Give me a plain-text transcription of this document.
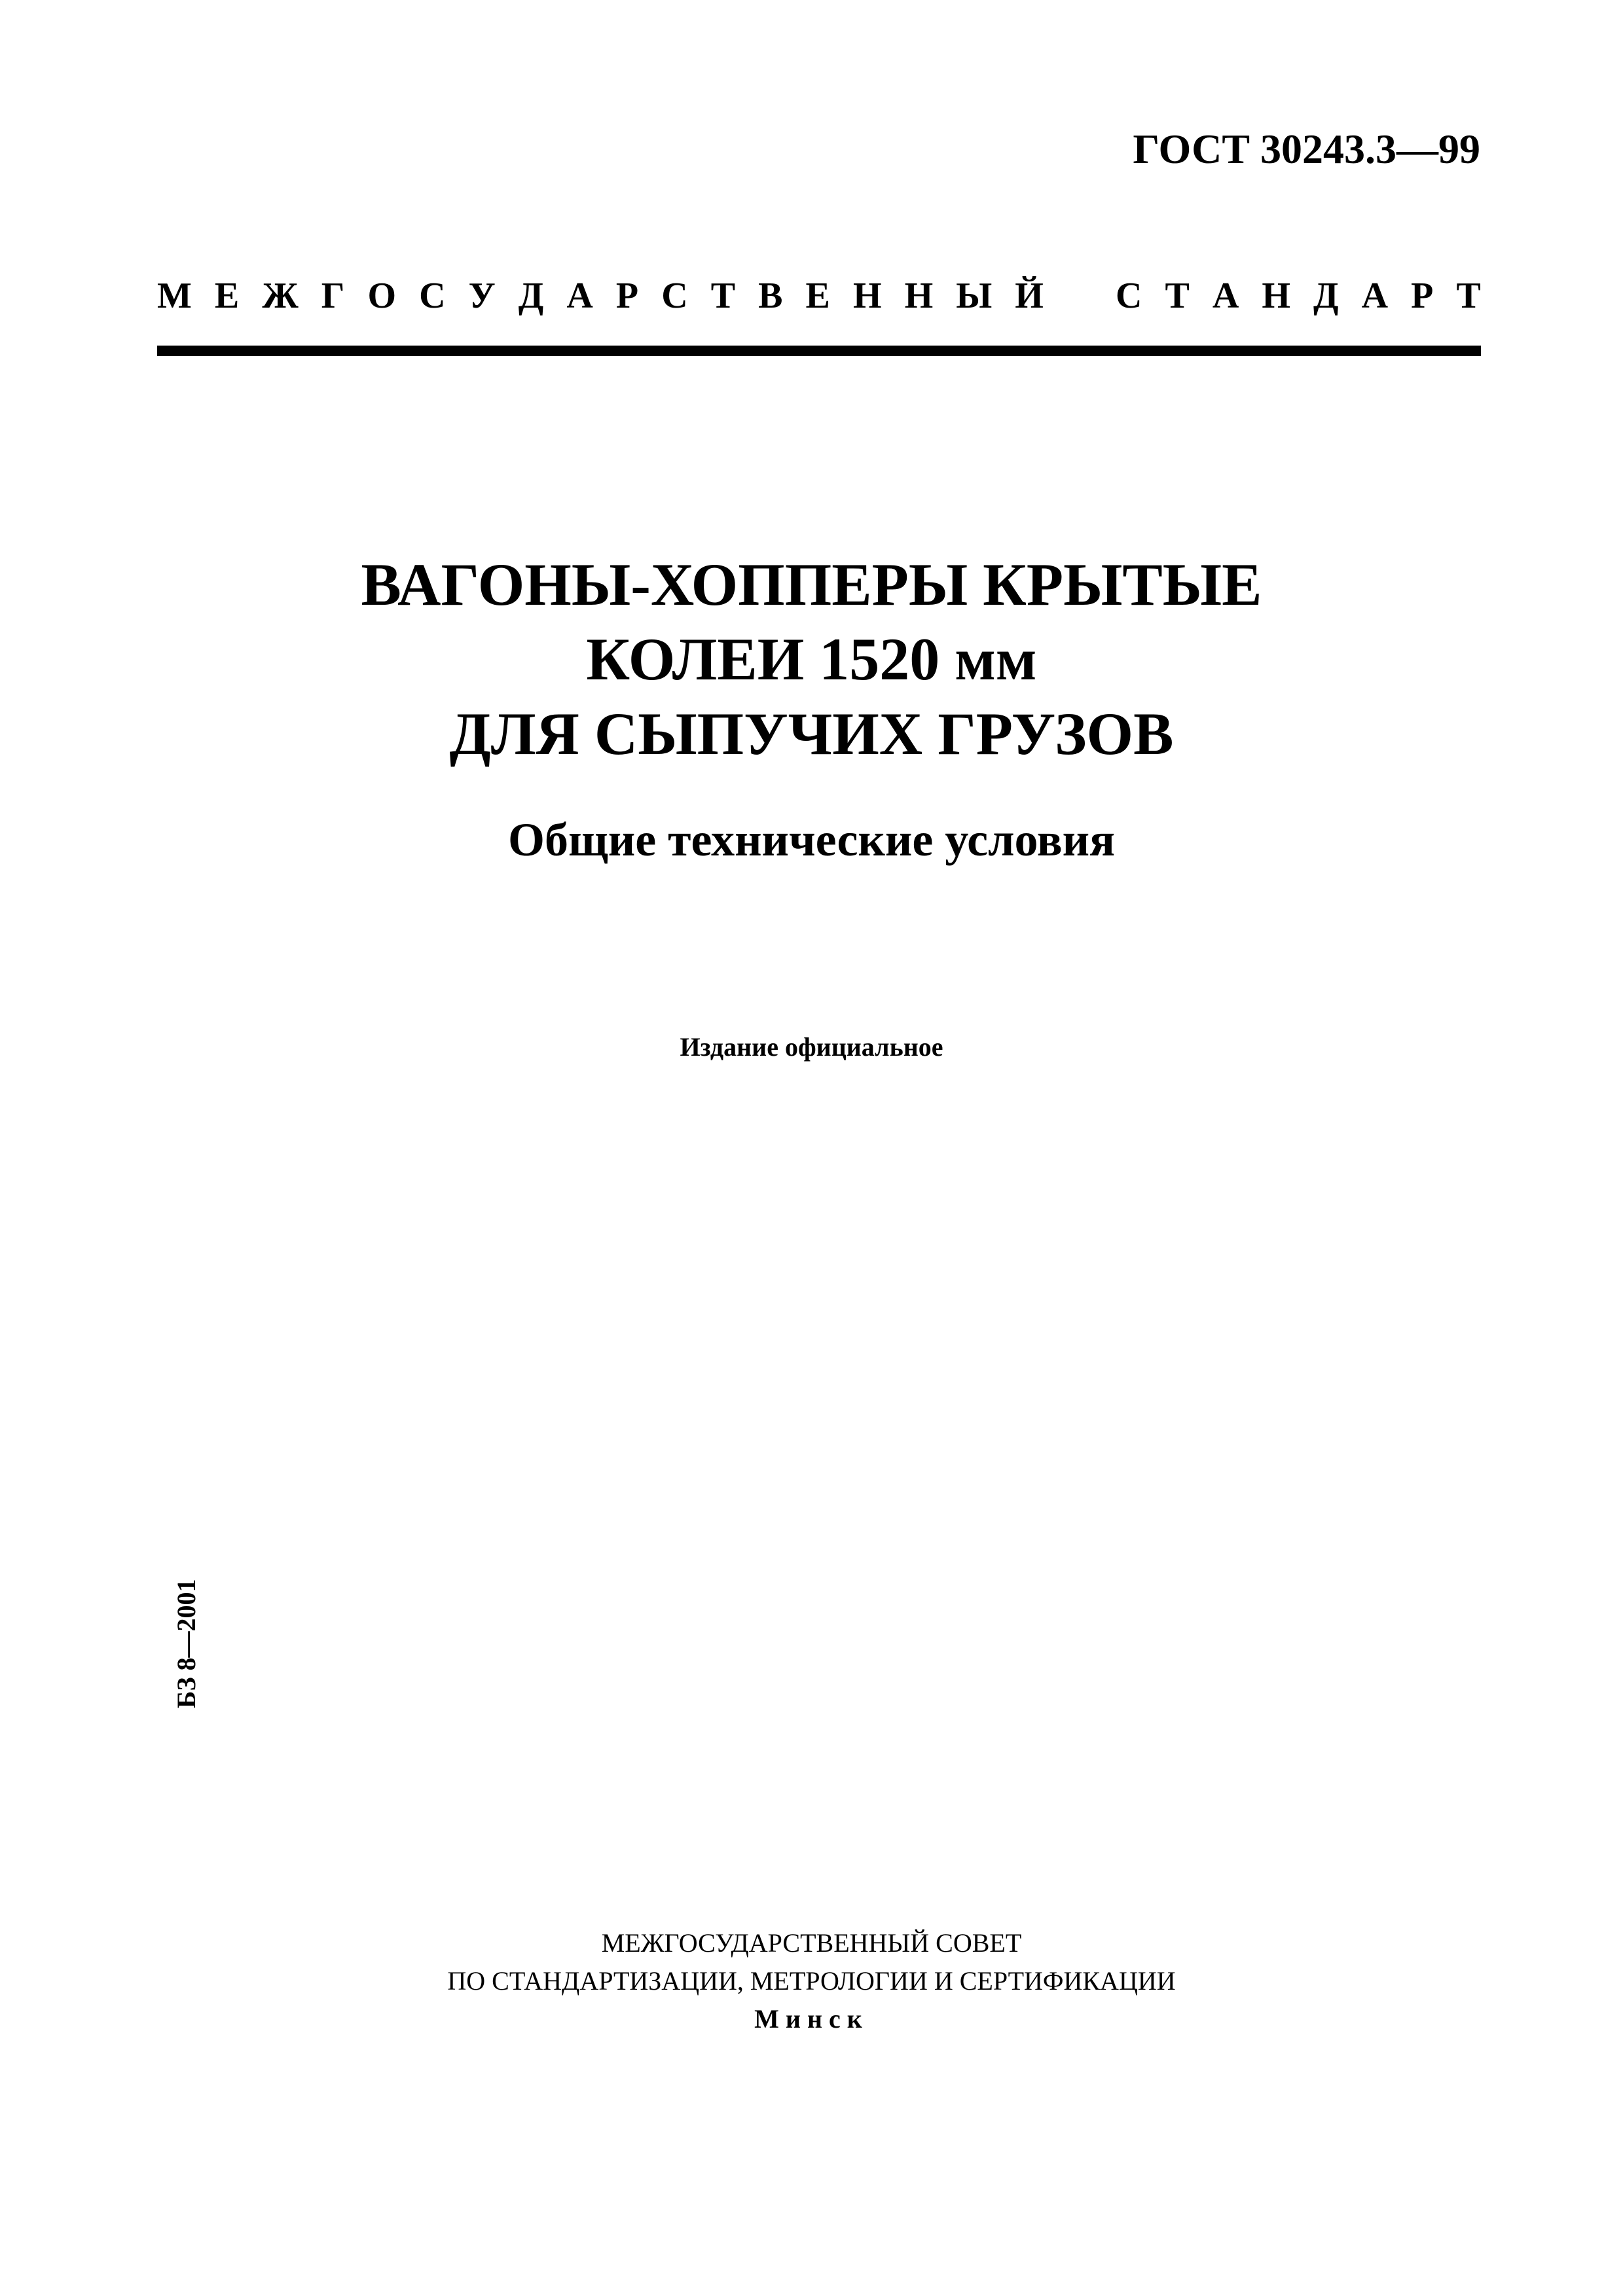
ГОСТ 30243.3—99
М Е Ж Г О С У Д А Р С Т В Е Н Н Ы Й С Т А Н Д А Р Т
ВАГОНЫ-ХОППЕРЫ КРЫТЫЕ
КОЛЕИ 1520 мм
ДЛЯ СЫПУЧИХ ГРУЗОВ
Общие технические условия
Издание официальное
БЗ 8—2001
МЕЖГОСУДАРСТВЕННЫЙ СОВЕТ
ПО СТАНДАРТИЗАЦИИ, МЕТРОЛОГИИ И СЕРТИФИКАЦИИ
Минск
